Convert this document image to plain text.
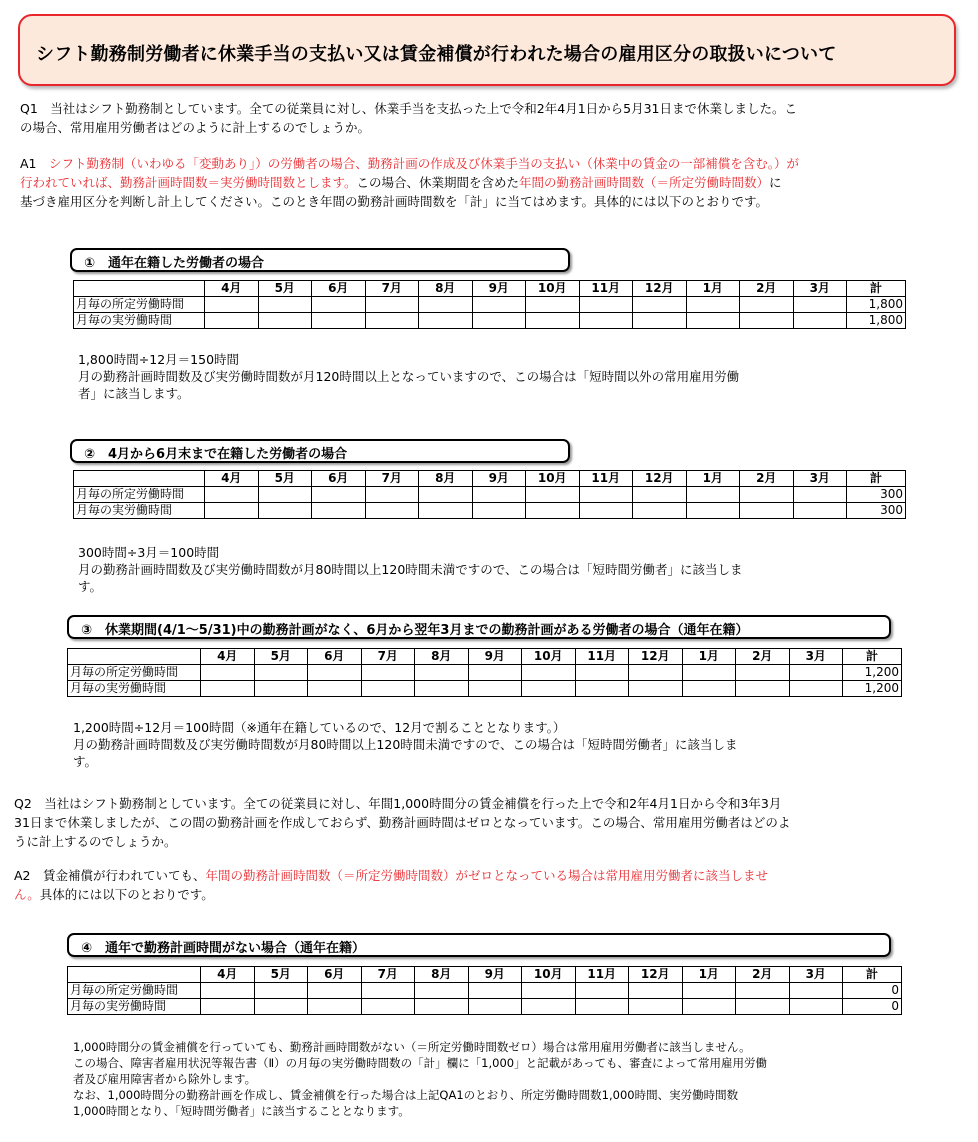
シフト勤務制労働者に休業手当の支払い又は賃金補償が行われた場合の雇用区分の取扱いについて
Q1　当社はシフト勤務制としています。全ての従業員に対し、休業手当を支払った上で令和2年4月1日から5月31日まで休業しました。こ
の場合、常用雇用労働者はどのように計上するのでしょうか。
A1　シフト勤務制（いわゆる「変動あり」）の労働者の場合、勤務計画の作成及び休業手当の支払い（休業中の賃金の一部補償を含む。）が
行われていれば、勤務計画時間数＝実労働時間数とします。この場合、休業期間を含めた年間の勤務計画時間数（＝所定労働時間数）に
基づき雇用区分を判断し計上してください。このとき年間の勤務計画時間数を「計」に当てはめます。具体的には以下のとおりです。
①　通年在籍した労働者の場合
	4月	5月	6月	7月	8月	9月	10月	11月	12月	1月	2月	3月	計
月毎の所定労働時間													1,800
月毎の実労働時間													1,800
1,800時間÷12月＝150時間
月の勤務計画時間数及び実労働時間数が月120時間以上となっていますので、この場合は「短時間以外の常用雇用労働
者」に該当します。
②　4月から6月末まで在籍した労働者の場合
	4月	5月	6月	7月	8月	9月	10月	11月	12月	1月	2月	3月	計
月毎の所定労働時間													300
月毎の実労働時間													300
300時間÷3月＝100時間
月の勤務計画時間数及び実労働時間数が月80時間以上120時間未満ですので、この場合は「短時間労働者」に該当しま
す。
③　休業期間(4/1～5/31)中の勤務計画がなく、6月から翌年3月までの勤務計画がある労働者の場合（通年在籍）
	4月	5月	6月	7月	8月	9月	10月	11月	12月	1月	2月	3月	計
月毎の所定労働時間													1,200
月毎の実労働時間													1,200
1,200時間÷12月＝100時間（※通年在籍しているので、12月で割ることとなります。）
月の勤務計画時間数及び実労働時間数が月80時間以上120時間未満ですので、この場合は「短時間労働者」に該当しま
す。
Q2　当社はシフト勤務制としています。全ての従業員に対し、年間1,000時間分の賃金補償を行った上で令和2年4月1日から令和3年3月
31日まで休業しましたが、この間の勤務計画を作成しておらず、勤務計画時間はゼロとなっています。この場合、常用雇用労働者はどのよ
うに計上するのでしょうか。
A2　賃金補償が行われていても、年間の勤務計画時間数（＝所定労働時間数）がゼロとなっている場合は常用雇用労働者に該当しませ
ん。具体的には以下のとおりです。
④　通年で勤務計画時間がない場合（通年在籍）
	4月	5月	6月	7月	8月	9月	10月	11月	12月	1月	2月	3月	計
月毎の所定労働時間													0
月毎の実労働時間													0
1,000時間分の賃金補償を行っていても、勤務計画時間数がない（＝所定労働時間数ゼロ）場合は常用雇用労働者に該当しません。
この場合、障害者雇用状況等報告書（Ⅱ）の月毎の実労働時間数の「計」欄に「1,000」と記載があっても、審査によって常用雇用労働
者及び雇用障害者から除外します。
なお、1,000時間分の勤務計画を作成し、賃金補償を行った場合は上記QA1のとおり、所定労働時間数1,000時間、実労働時間数
1,000時間となり、「短時間労働者」に該当することとなります。
